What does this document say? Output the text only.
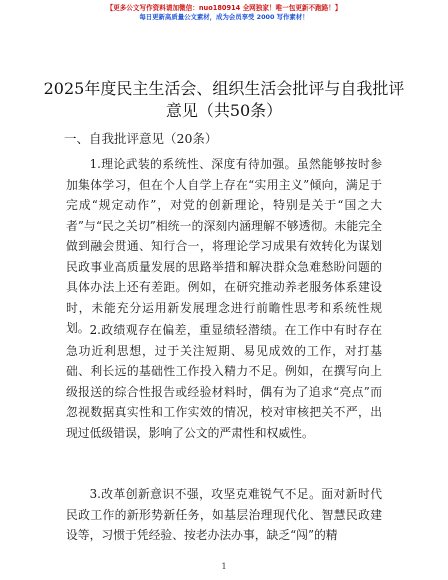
【更多公文写作资料请加微信：nuo180914 全网独家！唯一包更新不跑路！】
每日更新高质量公文素材，成为会员享受 2000 写作素材！
2025年度民主生活会、组织生活会批评与自我批评意见（共50条）
一、自我批评意见（20条）

1.理论武装的系统性、深度有待加强。虽然能够按时参加集体学习，但在个人自学上存在“实用主义”倾向，满足于完成“规定动作”，对党的创新理论，特别是关于“国之大者”与“民之关切”相统一的深刻内涵理解不够透彻。未能完全做到融会贯通、知行合一，将理论学习成果有效转化为谋划民政事业高质量发展的思路举措和解决群众急难愁盼问题的具体办法上还有差距。例如，在研究推动养老服务体系建设时，未能充分运用新发展理念进行前瞻性思考和系统性规划。 2.政绩观存在偏差，重显绩轻潜绩。在工作中有时存在急功近利思想，过于关注短期、易见成效的工作，对打基础、利长远的基础性工作投入精力不足。例如，在撰写向上级报送的综合性报告或经验材料时，偶有为了追求“亮点”而忽视数据真实性和工作实效的情况，校对审核把关不严，出现过低级错误，影响了公文的严肃性和权威性。

3.改革创新意识不强，攻坚克难锐气不足。面对新时代民政工作的新形势新任务，如基层治理现代化、智慧民政建设等，习惯于凭经验、按老办法办事，缺乏“闯”的精

1
